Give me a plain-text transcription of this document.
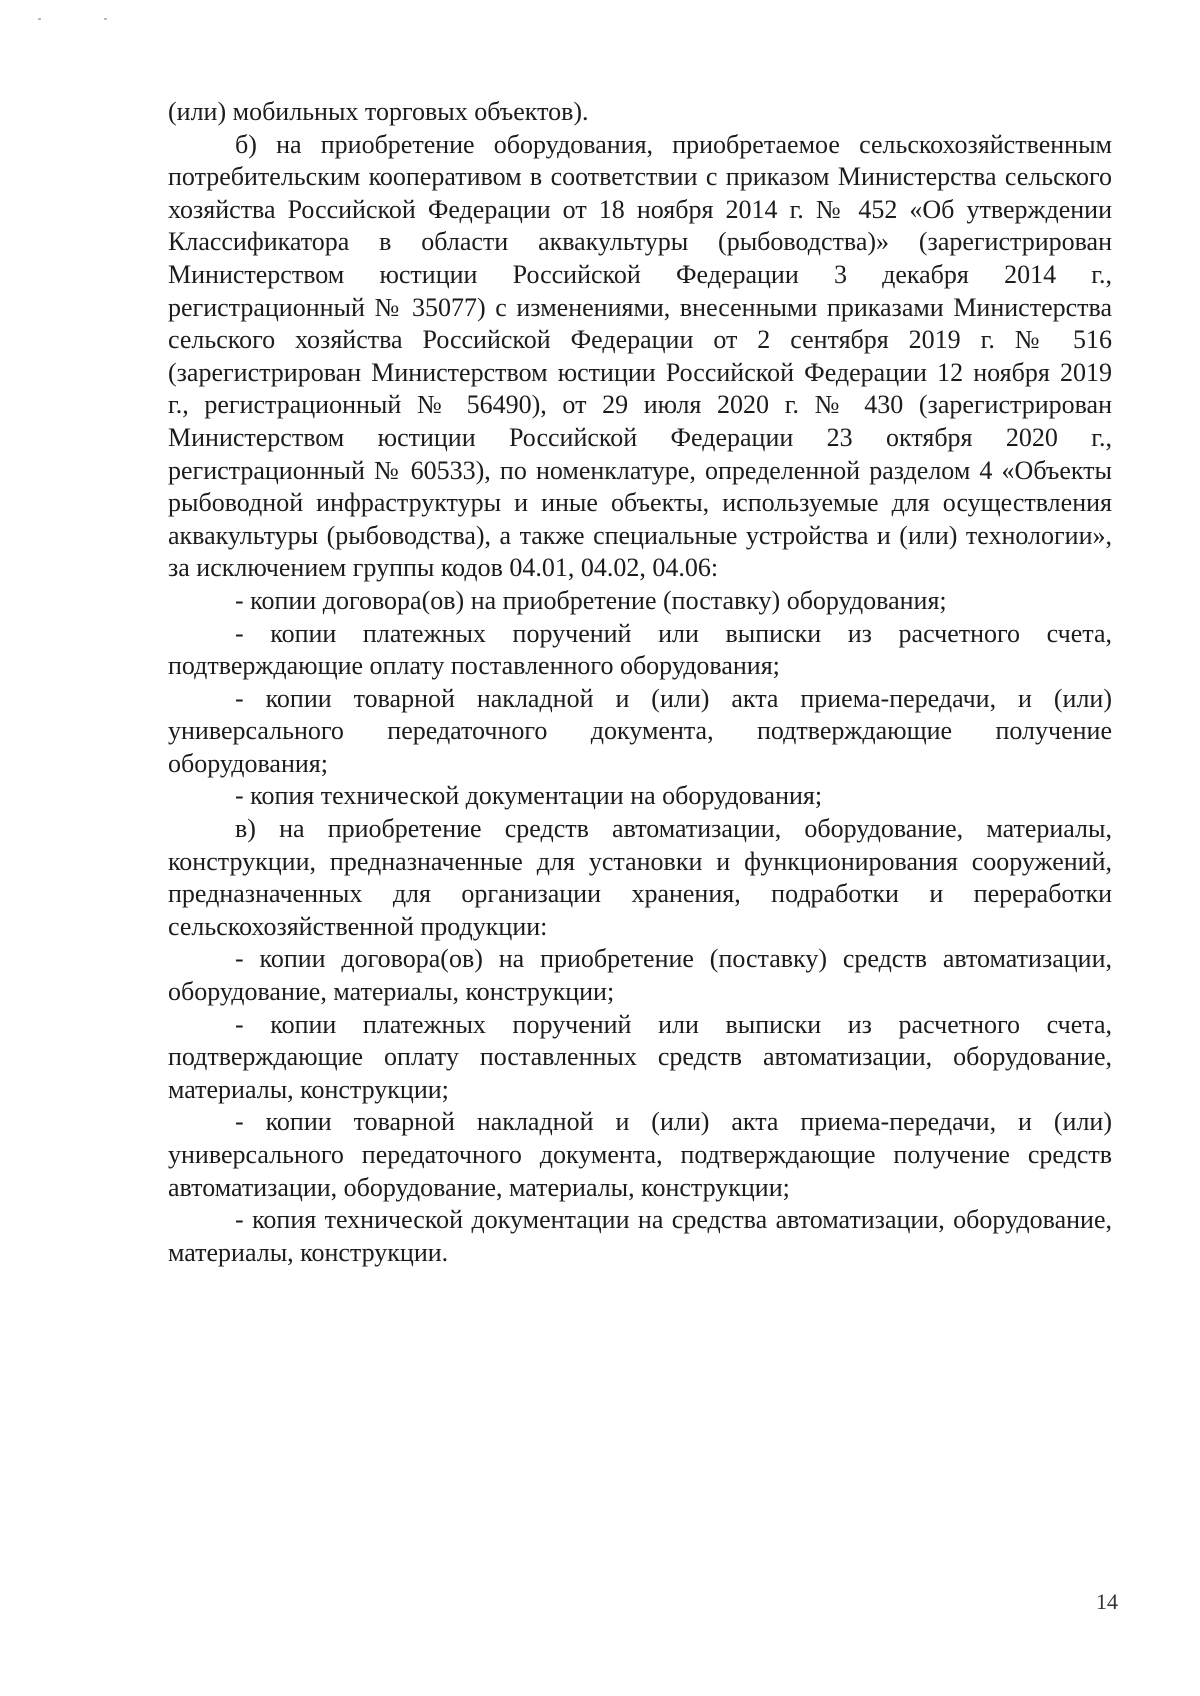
(или) мобильных торговых объектов).

б) на приобретение оборудования, приобретаемое сельскохозяйственным потребительским кооперативом в соответствии с приказом Министерства сельского хозяйства Российской Федерации от 18 ноября 2014 г. № 452 «Об утверждении Классификатора в области аквакультуры (рыбоводства)» (зарегистрирован Министерством юстиции Российской Федерации 3 декабря 2014 г., регистрационный № 35077) с изменениями, внесенными приказами Министерства сельского хозяйства Российской Федерации от 2 сентября 2019 г. № 516 (зарегистрирован Министерством юстиции Российской Федерации 12 ноября 2019 г., регистрационный № 56490), от 29 июля 2020 г. № 430 (зарегистрирован Министерством юстиции Российской Федерации 23 октября 2020 г., регистрационный № 60533), по номенклатуре, определенной разделом 4 «Объекты рыбоводной инфраструктуры и иные объекты, используемые для осуществления аквакультуры (рыбоводства), а также специальные устройства и (или) технологии», за исключением группы кодов 04.01, 04.02, 04.06:

- копии договора(ов) на приобретение (поставку) оборудования;

- копии платежных поручений или выписки из расчетного счета, подтверждающие оплату поставленного оборудования;

- копии товарной накладной и (или) акта приема-передачи, и (или) универсального передаточного документа, подтверждающие получение оборудования;

- копия технической документации на оборудования;

в) на приобретение средств автоматизации, оборудование, материалы, конструкции, предназначенные для установки и функционирования сооружений, предназначенных для организации хранения, подработки и переработки сельскохозяйственной продукции:

- копии договора(ов) на приобретение (поставку) средств автоматизации, оборудование, материалы, конструкции;

- копии платежных поручений или выписки из расчетного счета, подтверждающие оплату поставленных средств автоматизации, оборудование, материалы, конструкции;

- копии товарной накладной и (или) акта приема-передачи, и (или) универсального передаточного документа, подтверждающие получение средств автоматизации, оборудование, материалы, конструкции;

- копия технической документации на средства автоматизации, оборудование, материалы, конструкции.

14
